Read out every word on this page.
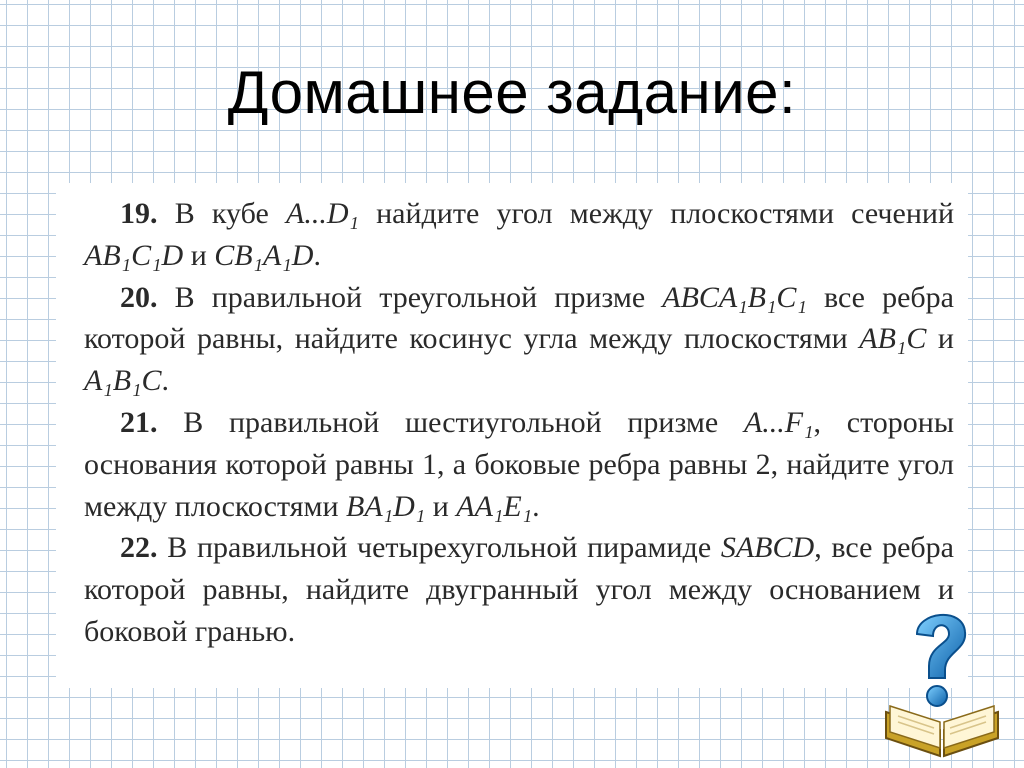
Домашнее задание:

19. В кубе A...D₁ найдите угол между плоскостями сечений AB₁C₁D и CB₁A₁D.

20. В правильной треугольной призме ABCA₁B₁C₁ все ребра которой равны, найдите косинус угла между плоскостями AB₁C и A₁B₁C.

21. В правильной шестиугольной призме A...F₁, стороны основания которой равны 1, а боковые ребра равны 2, найдите угол между плоскостями BA₁D₁ и AA₁E₁.

22. В правильной четырехугольной пирамиде SABCD, все ребра которой равны, найдите двугранный угол между основанием и боковой гранью.
